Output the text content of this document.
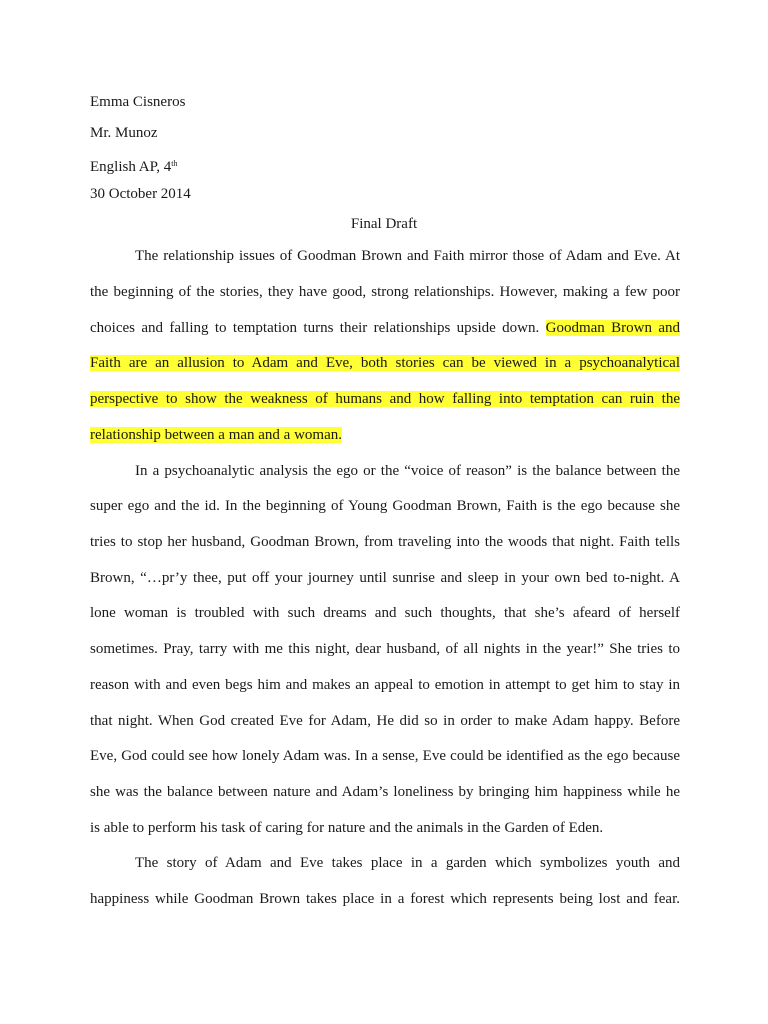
Emma Cisneros
Mr. Munoz
English AP, 4th
30 October 2014
Final Draft
The relationship issues of Goodman Brown and Faith mirror those of Adam and Eve. At
the beginning of the stories, they have good, strong relationships. However, making a few poor
choices and falling to temptation turns their relationships upside down. Goodman Brown and
Faith are an allusion to Adam and Eve, both stories can be viewed in a psychoanalytical
perspective to show the weakness of humans and how falling into temptation can ruin the
relationship between a man and a woman.
In a psychoanalytic analysis the ego or the “voice of reason” is the balance between the
super ego and the id. In the beginning of Young Goodman Brown, Faith is the ego because she
tries to stop her husband, Goodman Brown, from traveling into the woods that night. Faith tells
Brown, “…pr’y thee, put off your journey until sunrise and sleep in your own bed to-night. A
lone woman is troubled with such dreams and such thoughts, that she’s afeard of herself
sometimes. Pray, tarry with me this night, dear husband, of all nights in the year!” She tries to
reason with and even begs him and makes an appeal to emotion in attempt to get him to stay in
that night. When God created Eve for Adam, He did so in order to make Adam happy. Before
Eve, God could see how lonely Adam was. In a sense, Eve could be identified as the ego because
she was the balance between nature and Adam’s loneliness by bringing him happiness while he
is able to perform his task of caring for nature and the animals in the Garden of Eden.
The story of Adam and Eve takes place in a garden which symbolizes youth and
happiness while Goodman Brown takes place in a forest which represents being lost and fear.
